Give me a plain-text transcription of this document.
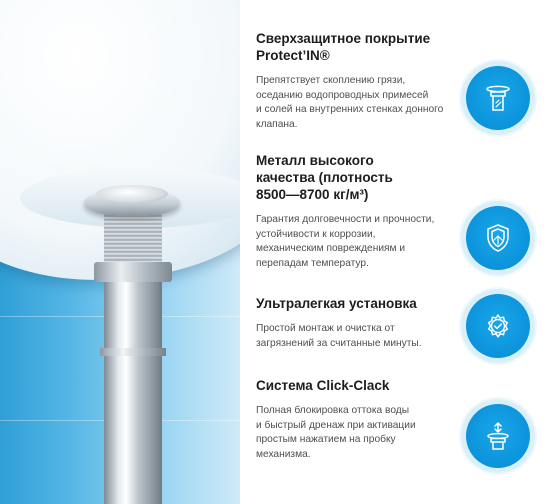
Сверхзащитное покрытие
Protect’IN®

Препятствует скоплению грязи,
оседанию водопроводных примесей
и солей на внутренних стенках донного
клапана.

Металл высокого
качества (плотность
8500—8700 кг/м³)

Гарантия долговечности и прочности,
устойчивости к коррозии,
механическим повреждениям и
перепадам температур.

Ультралегкая установка

Простой монтаж и очистка от
загрязнений за считанные минуты.

Система Click-Clack

Полная блокировка оттока воды
и быстрый дренаж при активации
простым нажатием на пробку
механизма.
